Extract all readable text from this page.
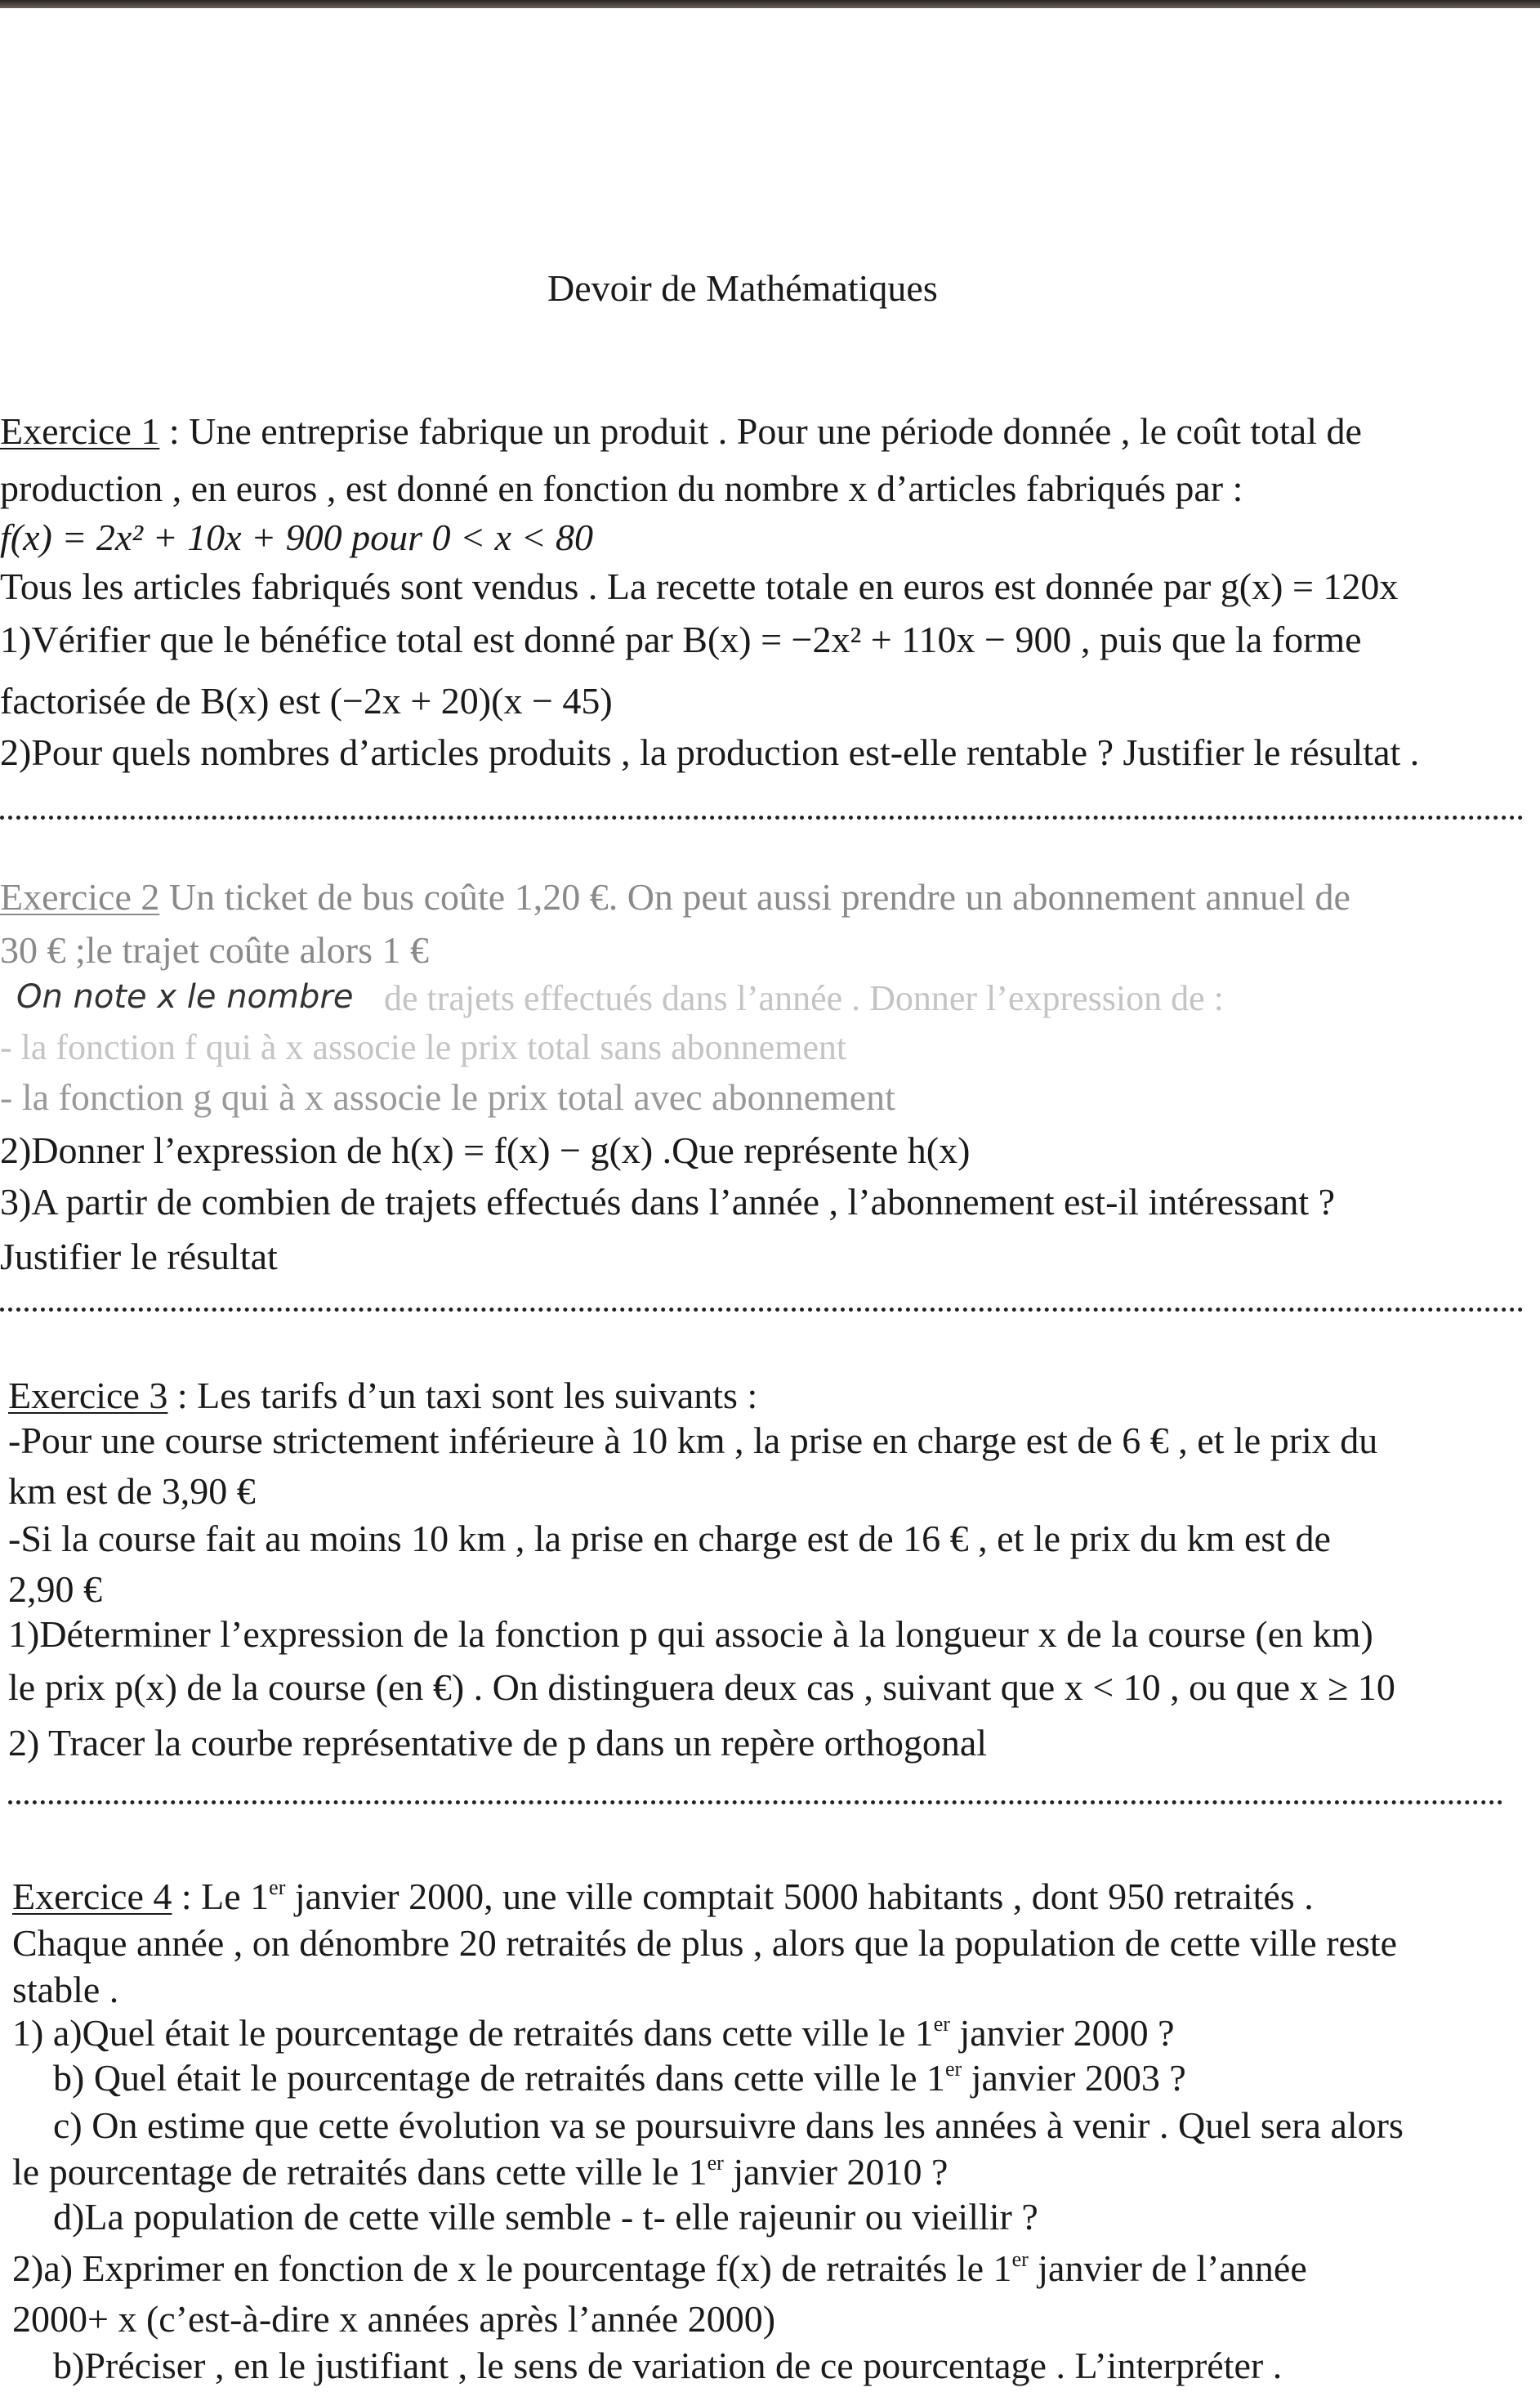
Devoir de Mathématiques
Exercice 1 : Une entreprise fabrique un produit . Pour une période donnée , le coût total de
production , en euros , est donné en fonction du nombre x d’articles fabriqués par :
f(x) = 2x² + 10x + 900 pour 0 < x < 80
Tous les articles fabriqués sont vendus . La recette totale en euros est donnée par g(x) = 120x
1)Vérifier que le bénéfice total est donné par B(x) = −2x² + 110x − 900 , puis que la forme
factorisée de B(x) est (−2x + 20)(x − 45)
2)Pour quels nombres d’articles produits , la production est-elle rentable ? Justifier le résultat .
Exercice 2 Un ticket de bus coûte 1,20 €. On peut aussi prendre un abonnement annuel de
30 € ;le trajet coûte alors 1 €
On note x le nombre de trajets effectués dans l’année . Donner l’expression de :
- la fonction f qui à x associe le prix total sans abonnement
- la fonction g qui à x associe le prix total avec abonnement
2)Donner l’expression de h(x) = f(x) − g(x) .Que représente h(x)
3)A partir de combien de trajets effectués dans l’année , l’abonnement est-il intéressant ?
Justifier le résultat
Exercice 3 : Les tarifs d’un taxi sont les suivants :
-Pour une course strictement inférieure à 10 km , la prise en charge est de 6 € , et le prix du
km est de 3,90 €
-Si la course fait au moins 10 km , la prise en charge est de 16 € , et le prix du km est de
2,90 €
1)Déterminer l’expression de la fonction p qui associe à la longueur x de la course (en km)
le prix p(x) de la course (en €) . On distinguera deux cas , suivant que x < 10 , ou que x ≥ 10
2) Tracer la courbe représentative de p dans un repère orthogonal
Exercice 4 : Le 1er janvier 2000, une ville comptait 5000 habitants , dont 950 retraités .
Chaque année , on dénombre 20 retraités de plus , alors que la population de cette ville reste
stable .
1) a)Quel était le pourcentage de retraités dans cette ville le 1er janvier 2000 ?
b) Quel était le pourcentage de retraités dans cette ville le 1er janvier 2003 ?
c) On estime que cette évolution va se poursuivre dans les années à venir . Quel sera alors
le pourcentage de retraités dans cette ville le 1er janvier 2010 ?
d)La population de cette ville semble - t- elle rajeunir ou vieillir ?
2)a) Exprimer en fonction de x le pourcentage f(x) de retraités le 1er janvier de l’année
2000+ x (c’est-à-dire x années après l’année 2000)
b)Préciser , en le justifiant , le sens de variation de ce pourcentage . L’interpréter .
